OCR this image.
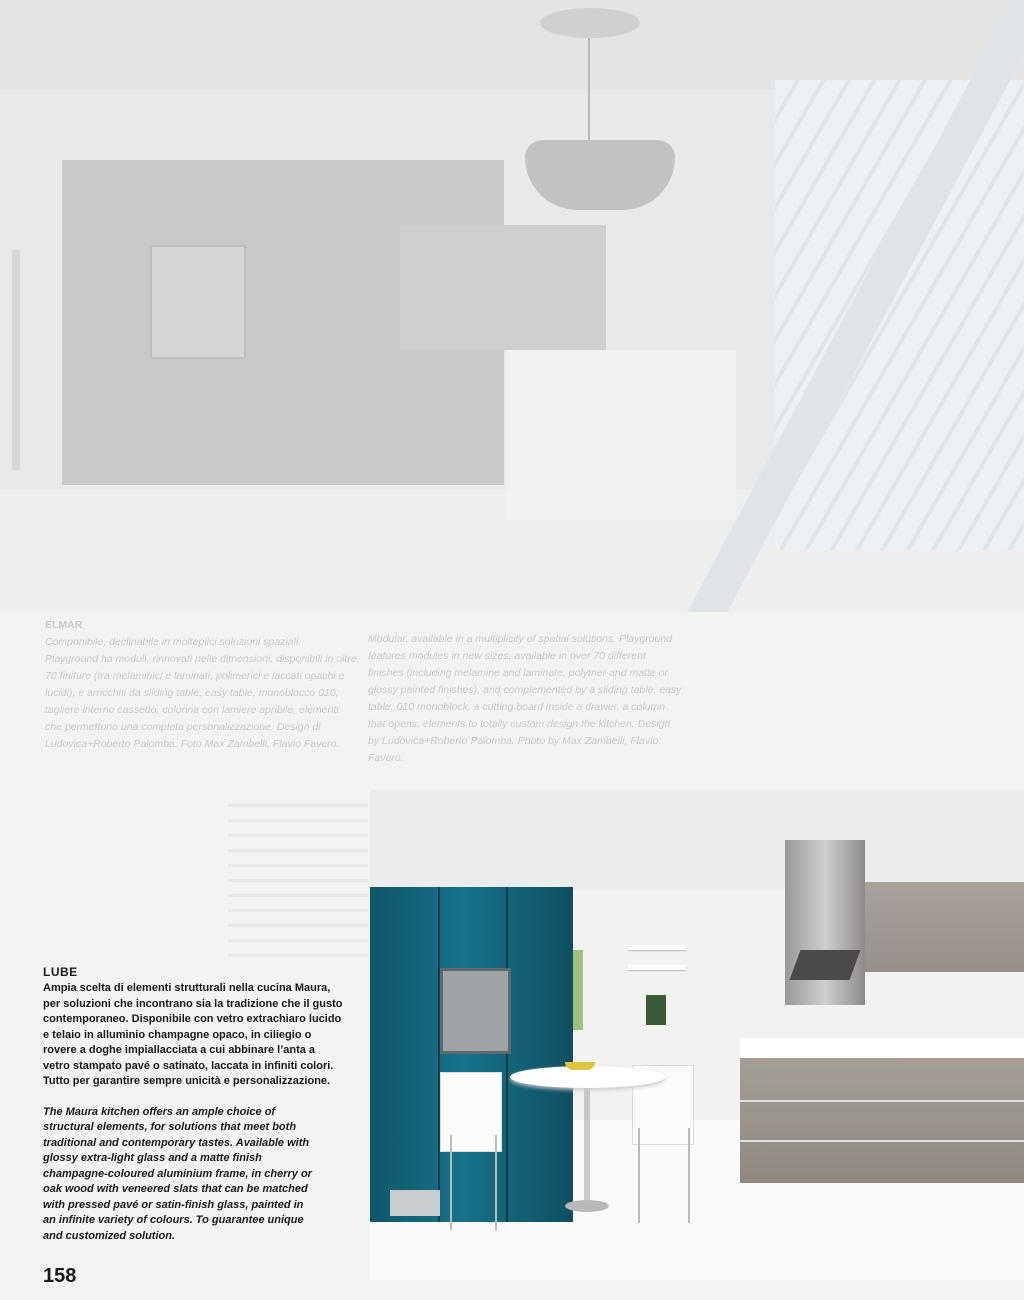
ELMAR
Componibile, declinabile in molteplici soluzioni spaziali. Playground ha moduli, rinnovati nelle dimensioni, disponibili in oltre 70 finiture (tra melaminici e laminati, polimerici e laccati opachi e lucidi), e arricchiti da sliding table, easy table, monoblocco 010, tagliere interno cassetto, colonna con lamiere apribile, elementi che permettono una completa personalizzazione. Design di Ludovica+Roberto Palomba. Foto Max Zambelli, Flavio Favero.
Modular, available in a multiplicity of spatial solutions. Playground features modules in new sizes, available in over 70 different finishes (including melamine and laminate, polymer and matte or glossy painted finishes), and complemented by a sliding table, easy table, 010 monoblock, a cutting board inside a drawer, a column that opens, elements to totally custom design the kitchen. Design by Ludovica+Roberto Palomba. Photo by Max Zambelli, Flavio Favero.
LUBE
Ampia scelta di elementi strutturali nella cucina Maura,
per soluzioni che incontrano sia la tradizione che il gusto
contemporaneo. Disponibile con vetro extrachiaro lucido
e telaio in alluminio champagne opaco, in ciliegio o
rovere a doghe impiallacciata a cui abbinare l’anta a
vetro stampato pavé o satinato, laccata in infiniti colori.
Tutto per garantire sempre unicità e personalizzazione.
The Maura kitchen offers an ample choice of
structural elements, for solutions that meet both
traditional and contemporary tastes. Available with
glossy extra-light glass and a matte finish
champagne-coloured aluminium frame, in cherry or
oak wood with veneered slats that can be matched
with pressed pavé or satin-finish glass, painted in
an infinite variety of colours. To guarantee unique
and customized solution.
158
